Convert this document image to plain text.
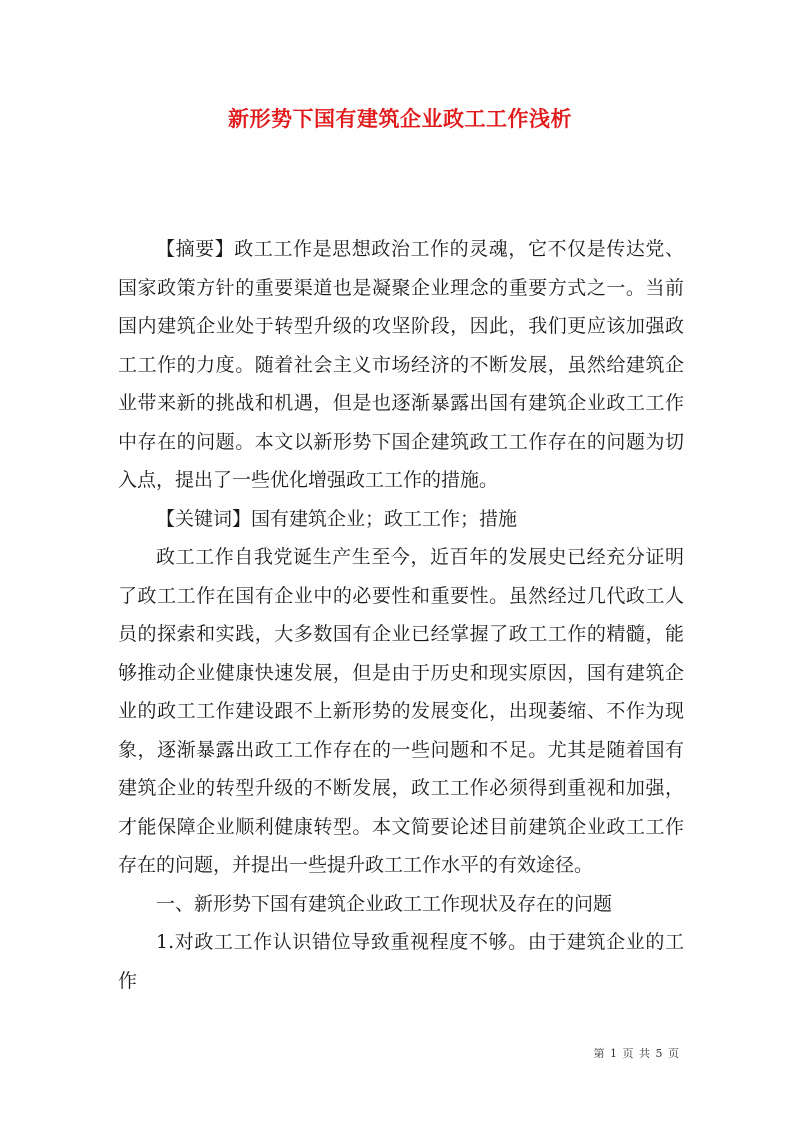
新形势下国有建筑企业政工工作浅析

【摘要】政工工作是思想政治工作的灵魂，它不仅是传达党、国家政策方针的重要渠道也是凝聚企业理念的重要方式之一。当前国内建筑企业处于转型升级的攻坚阶段，因此，我们更应该加强政工工作的力度。随着社会主义市场经济的不断发展，虽然给建筑企业带来新的挑战和机遇，但是也逐渐暴露出国有建筑企业政工工作中存在的问题。本文以新形势下国企建筑政工工作存在的问题为切入点，提出了一些优化增强政工工作的措施。

【关键词】国有建筑企业；政工工作；措施

政工工作自我党诞生产生至今，近百年的发展史已经充分证明了政工工作在国有企业中的必要性和重要性。虽然经过几代政工人员的探索和实践，大多数国有企业已经掌握了政工工作的精髓，能够推动企业健康快速发展，但是由于历史和现实原因，国有建筑企业的政工工作建设跟不上新形势的发展变化，出现萎缩、不作为现象，逐渐暴露出政工工作存在的一些问题和不足。尤其是随着国有建筑企业的转型升级的不断发展，政工工作必须得到重视和加强，才能保障企业顺利健康转型。本文简要论述目前建筑企业政工工作存在的问题，并提出一些提升政工工作水平的有效途径。

一、新形势下国有建筑企业政工工作现状及存在的问题

1.对政工工作认识错位导致重视程度不够。由于建筑企业的工作

第 1 页 共 5 页
